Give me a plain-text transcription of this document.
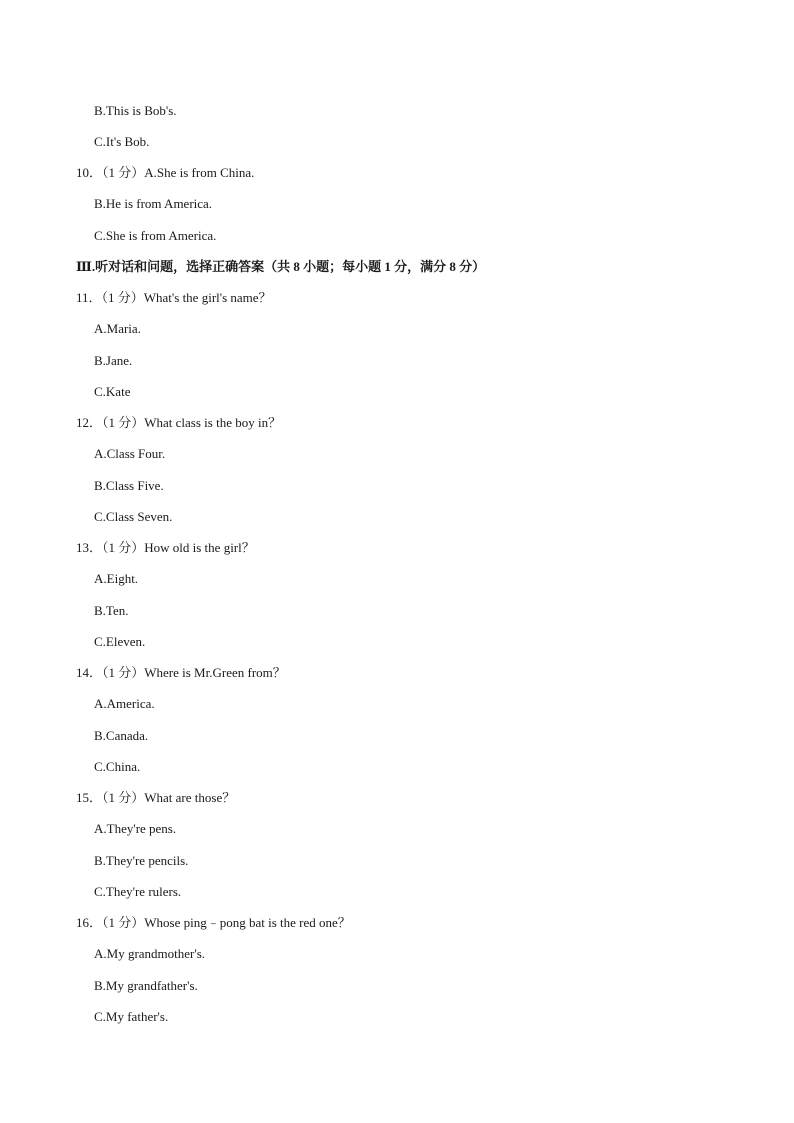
B.This is Bob's.
C.It's Bob.
10．（1 分）A.She is from China.
B.He is from America.
C.She is from America.
Ⅲ.听对话和问题，选择正确答案（共 8 小题；每小题 1 分，满分 8 分）
11．（1 分）What's the girl's name？
A.Maria.
B.Jane.
C.Kate
12．（1 分）What class is the boy in？
A.Class Four.
B.Class Five.
C.Class Seven.
13．（1 分）How old is the girl？
A.Eight.
B.Ten.
C.Eleven.
14．（1 分）Where is Mr.Green from？
A.America.
B.Canada.
C.China.
15．（1 分）What are those？
A.They're pens.
B.They're pencils.
C.They're rulers.
16．（1 分）Whose ping﹣pong bat is the red one？
A.My grandmother's.
B.My grandfather's.
C.My father's.
